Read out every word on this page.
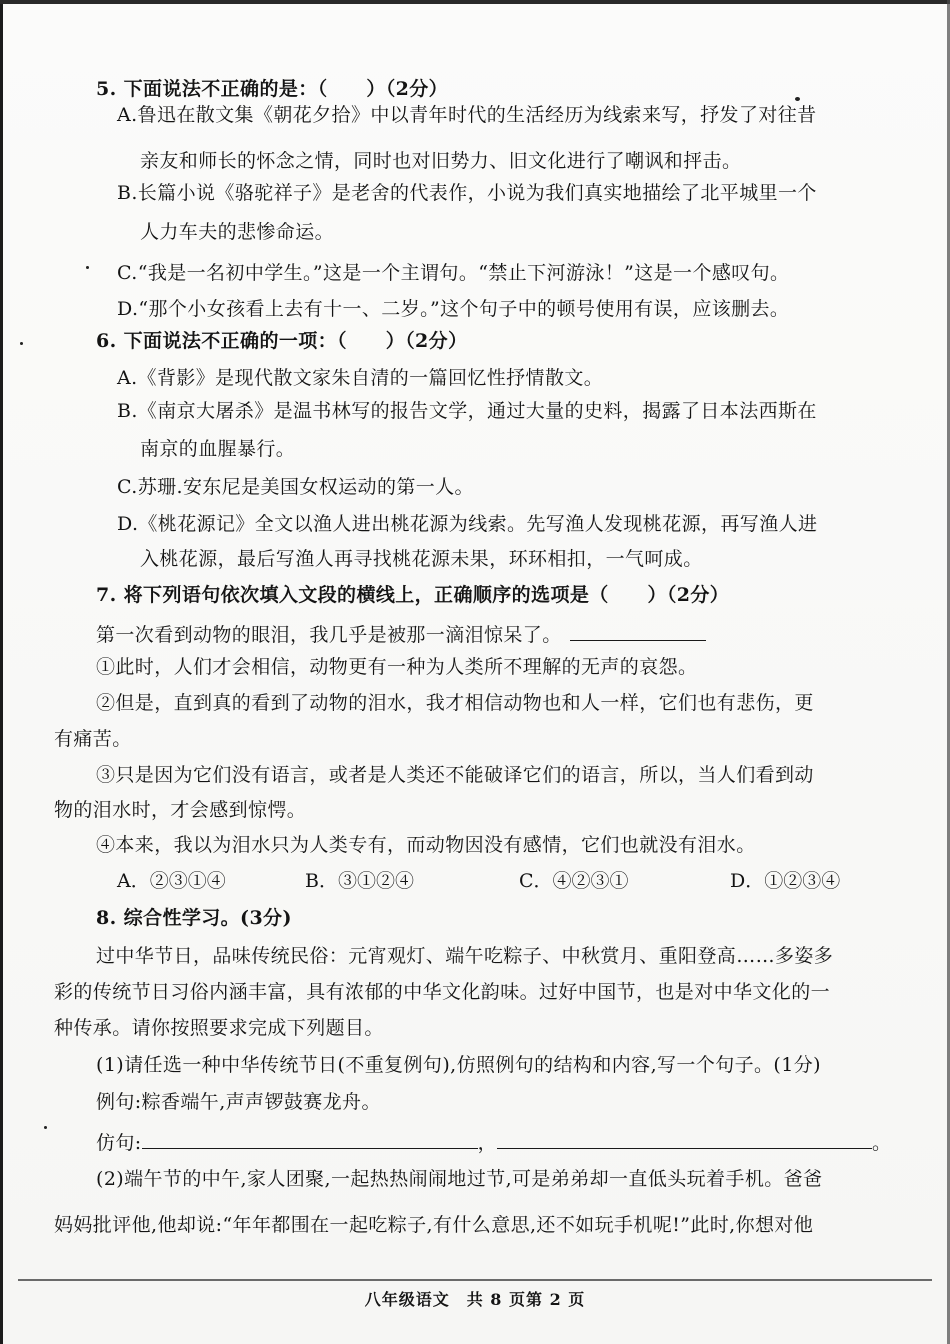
5. 下面说法不正确的是：（　　）（2分）
A.鲁迅在散文集《朝花夕拾》中以青年时代的生活经历为线索来写，抒发了对往昔
亲友和师长的怀念之情，同时也对旧势力、旧文化进行了嘲讽和抨击。
B.长篇小说《骆驼祥子》是老舍的代表作，小说为我们真实地描绘了北平城里一个
人力车夫的悲惨命运。
C.“我是一名初中学生。”这是一个主谓句。“禁止下河游泳！”这是一个感叹句。
D.“那个小女孩看上去有十一、二岁。”这个句子中的顿号使用有误，应该删去。
6. 下面说法不正确的一项：（　　）（2分）
A.《背影》是现代散文家朱自清的一篇回忆性抒情散文。
B.《南京大屠杀》是温书林写的报告文学，通过大量的史料，揭露了日本法西斯在
南京的血腥暴行。
C.苏珊.安东尼是美国女权运动的第一人。
D.《桃花源记》全文以渔人进出桃花源为线索。先写渔人发现桃花源，再写渔人进
入桃花源，最后写渔人再寻找桃花源未果，环环相扣，一气呵成。
7. 将下列语句依次填入文段的横线上，正确顺序的选项是（　　）（2分）
第一次看到动物的眼泪，我几乎是被那一滴泪惊呆了。
①此时，人们才会相信，动物更有一种为人类所不理解的无声的哀怨。
②但是，直到真的看到了动物的泪水，我才相信动物也和人一样，它们也有悲伤，更
有痛苦。
③只是因为它们没有语言，或者是人类还不能破译它们的语言，所以，当人们看到动
物的泪水时，才会感到惊愕。
④本来，我以为泪水只为人类专有，而动物因没有感情，它们也就没有泪水。
A．②③①④	B．③①②④	C．④②③①	D．①②③④
8. 综合性学习。(3分)
过中华节日，品味传统民俗：元宵观灯、端午吃粽子、中秋赏月、重阳登高……多姿多
彩的传统节日习俗内涵丰富，具有浓郁的中华文化韵味。过好中国节，也是对中华文化的一
种传承。请你按照要求完成下列题目。
(1)请任选一种中华传统节日(不重复例句),仿照例句的结构和内容,写一个句子。(1分)
例句:粽香端午,声声锣鼓赛龙舟。
仿句:	，	。
(2)端午节的中午,家人团聚,一起热热闹闹地过节,可是弟弟却一直低头玩着手机。爸爸
妈妈批评他,他却说:“年年都围在一起吃粽子,有什么意思,还不如玩手机呢!”此时,你想对他
八年级语文　共 8 页第 2 页
